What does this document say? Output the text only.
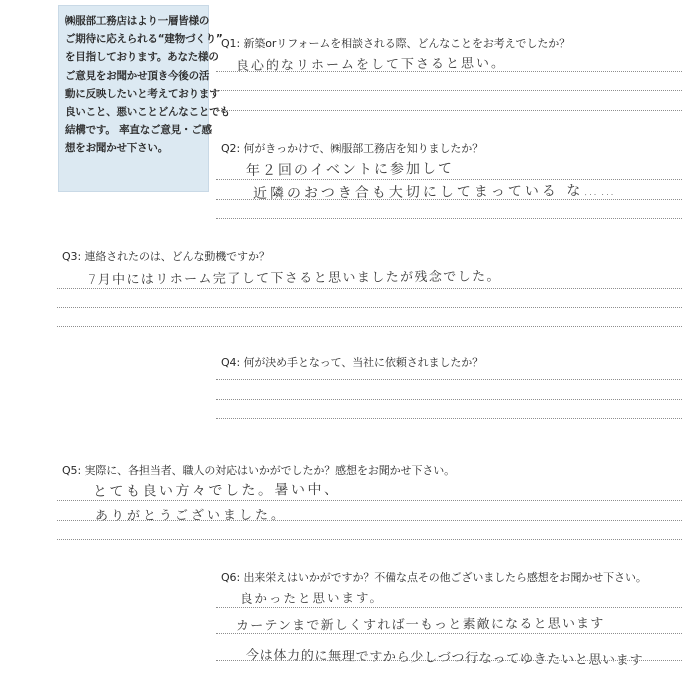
㈱服部工務店はより一層皆様の
ご期待に応えられる“建物づくり”
を目指しております。あなた様の
ご意見をお聞かせ頂き今後の活
動に反映したいと考えております
良いこと、悪いことどんなことでも
結構です。 率直なご意見・ご感
想をお聞かせ下さい。
Q1: 新築orリフォームを相談される際、どんなことをお考えでしたか？
良心的なリホームをして下さると思い。
Q2: 何がきっかけで、㈱服部工務店を知りましたか？
年２回のイベントに参加して
近隣のおつき合も大切にしてまっている な……
Q3: 連絡されたのは、どんな動機ですか？
7月中にはリホーム完了して下さると思いましたが残念でした。
Q4: 何が決め手となって、当社に依頼されましたか？
Q5: 実際に、各担当者、職人の対応はいかがでしたか？感想をお聞かせ下さい。
とても良い方々でした。暑い中、
ありがとうございました。
Q6: 出来栄えはいかがですか？不備な点その他ございましたら感想をお聞かせ下さい。
良かったと思います。
カーテンまで新しくすれば一もっと素敵になると思います
今は体力的に無理ですから少しづつ行なってゆきたいと思います
